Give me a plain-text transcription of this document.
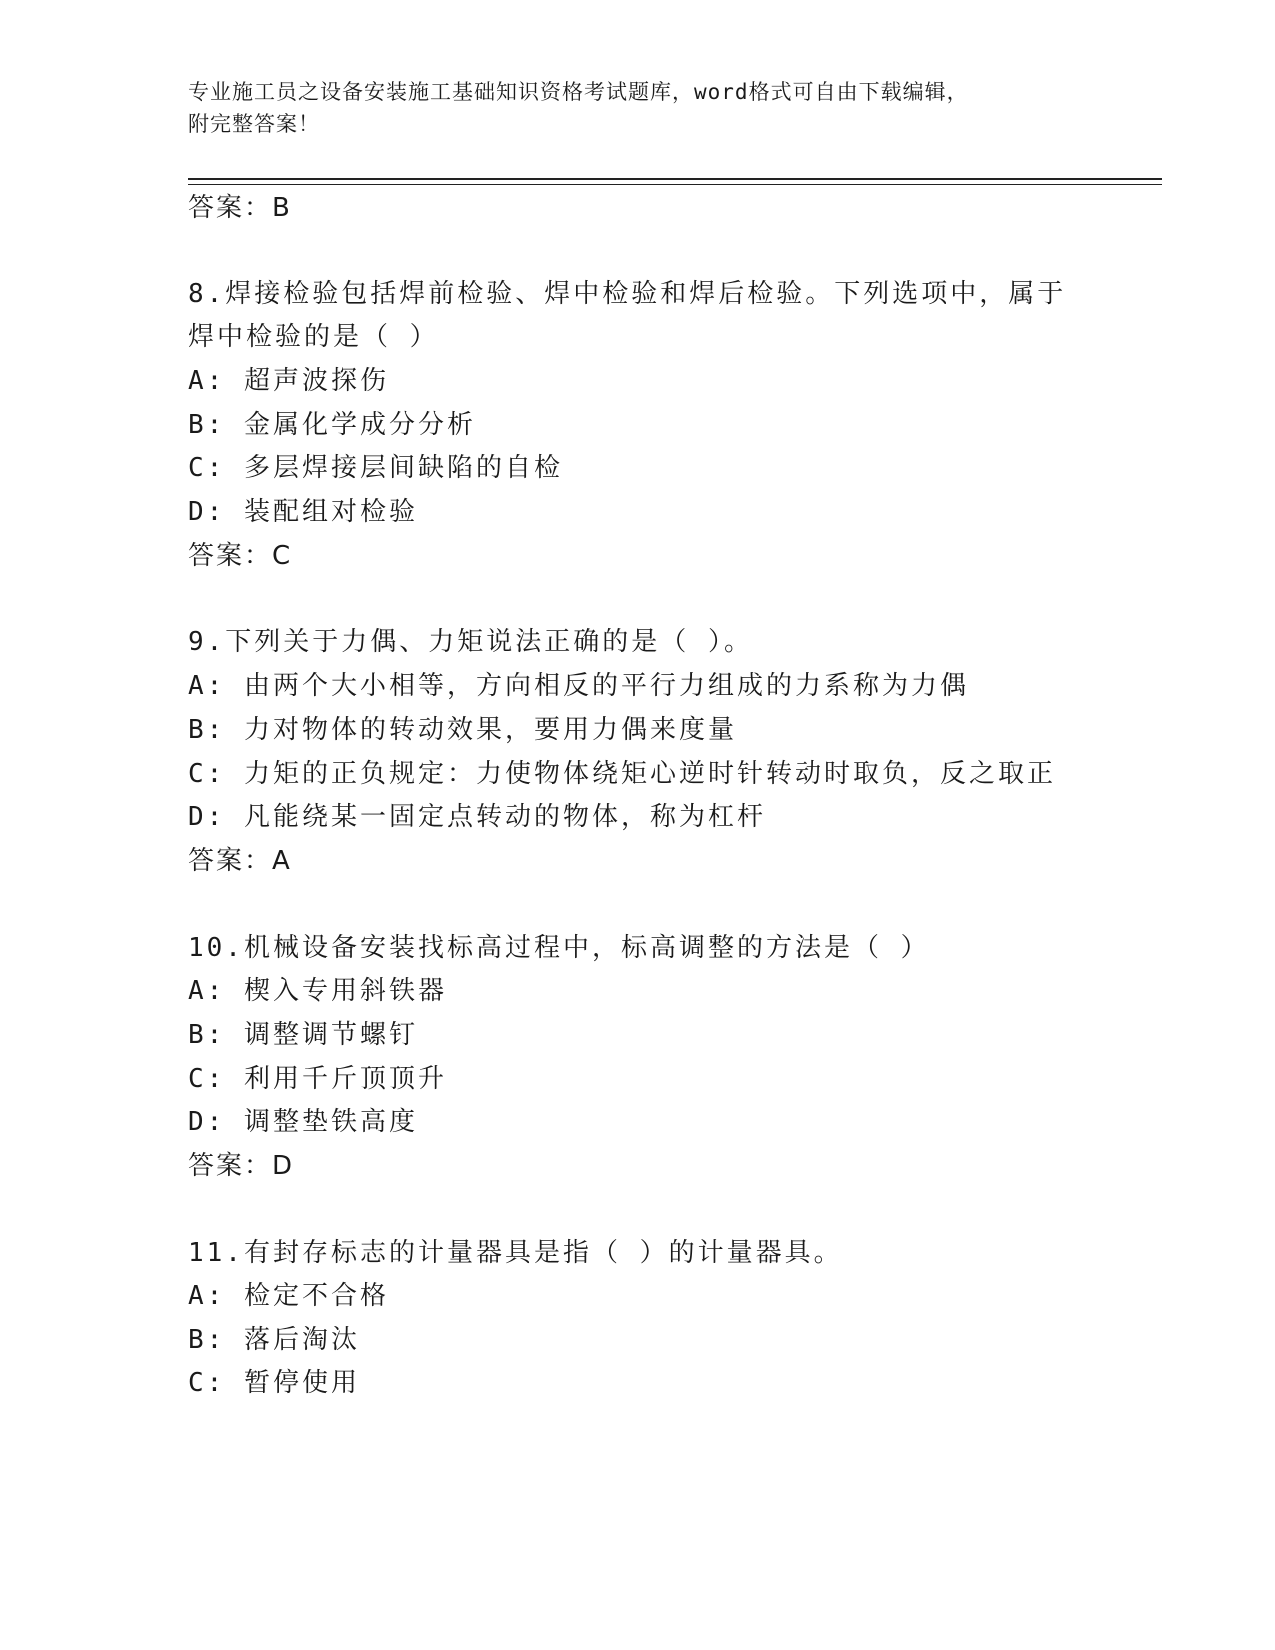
专业施工员之设备安装施工基础知识资格考试题库，word格式可自由下载编辑，
附完整答案！
答案：B
8.焊接检验包括焊前检验、焊中检验和焊后检验。下列选项中，属于
焊中检验的是（ ）
A: 超声波探伤
B: 金属化学成分分析
C: 多层焊接层间缺陷的自检
D: 装配组对检验
答案：C
9.下列关于力偶、力矩说法正确的是（ ）。
A: 由两个大小相等，方向相反的平行力组成的力系称为力偶
B: 力对物体的转动效果，要用力偶来度量
C: 力矩的正负规定：力使物体绕矩心逆时针转动时取负，反之取正
D: 凡能绕某一固定点转动的物体，称为杠杆
答案：A
10.机械设备安装找标高过程中，标高调整的方法是（ ）
A: 楔入专用斜铁器
B: 调整调节螺钉
C: 利用千斤顶顶升
D: 调整垫铁高度
答案：D
11.有封存标志的计量器具是指（ ）的计量器具。
A: 检定不合格
B: 落后淘汰
C: 暂停使用
